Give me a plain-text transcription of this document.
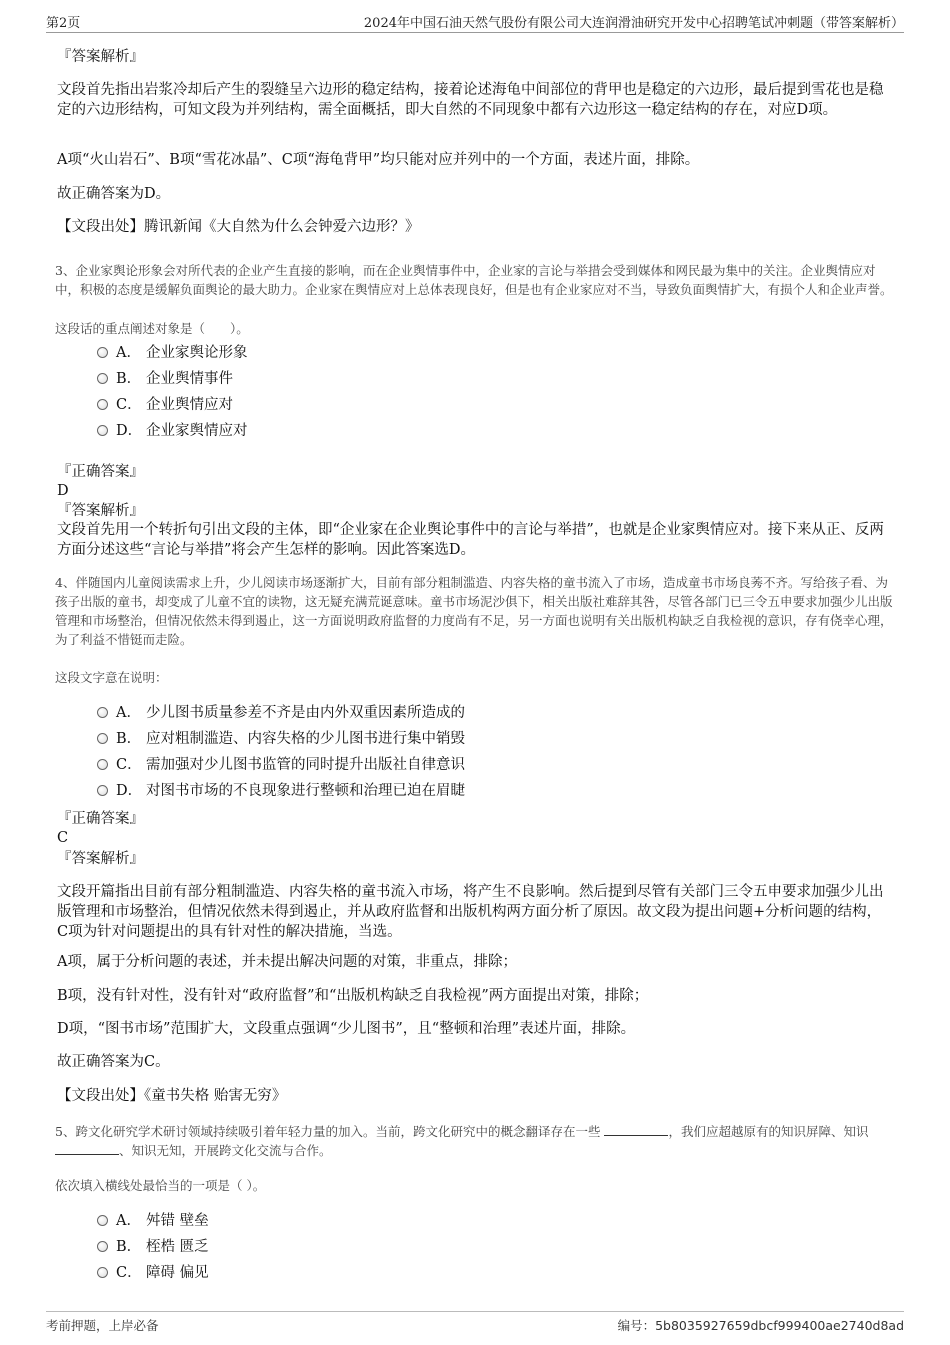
第2页	2024年中国石油天然气股份有限公司大连润滑油研究开发中心招聘笔试冲刺题（带答案解析）
『答案解析』
文段首先指出岩浆冷却后产生的裂缝呈六边形的稳定结构，接着论述海龟中间部位的背甲也是稳定的六边形，最后提到雪花也是稳定的六边形结构，可知文段为并列结构，需全面概括，即大自然的不同现象中都有六边形这一稳定结构的存在，对应D项。
A项“火山岩石”、B项“雪花冰晶”、C项“海龟背甲”均只能对应并列中的一个方面，表述片面，排除。
故正确答案为D。
【文段出处】腾讯新闻《大自然为什么会钟爱六边形？》
3、企业家舆论形象会对所代表的企业产生直接的影响，而在企业舆情事件中，企业家的言论与举措会受到媒体和网民最为集中的关注。企业舆情应对中，积极的态度是缓解负面舆论的最大助力。企业家在舆情应对上总体表现良好，但是也有企业家应对不当，导致负面舆情扩大，有损个人和企业声誉。
这段话的重点阐述对象是（　　）。
A． 企业家舆论形象
B． 企业舆情事件
C． 企业舆情应对
D． 企业家舆情应对
『正确答案』
D
『答案解析』
文段首先用一个转折句引出文段的主体，即“企业家在企业舆论事件中的言论与举措”，也就是企业家舆情应对。接下来从正、反两方面分述这些“言论与举措”将会产生怎样的影响。因此答案选D。
4、伴随国内儿童阅读需求上升，少儿阅读市场逐渐扩大，目前有部分粗制滥造、内容失格的童书流入了市场，造成童书市场良莠不齐。写给孩子看、为孩子出版的童书，却变成了儿童不宜的读物，这无疑充满荒诞意味。童书市场泥沙俱下，相关出版社难辞其咎，尽管各部门已三令五申要求加强少儿出版管理和市场整治，但情况依然未得到遏止，这一方面说明政府监督的力度尚有不足，另一方面也说明有关出版机构缺乏自我检视的意识，存有侥幸心理，为了利益不惜铤而走险。
这段文字意在说明：
A． 少儿图书质量参差不齐是由内外双重因素所造成的
B． 应对粗制滥造、内容失格的少儿图书进行集中销毁
C． 需加强对少儿图书监管的同时提升出版社自律意识
D． 对图书市场的不良现象进行整顿和治理已迫在眉睫
『正确答案』
C
『答案解析』
文段开篇指出目前有部分粗制滥造、内容失格的童书流入市场，将产生不良影响。然后提到尽管有关部门三令五申要求加强少儿出版管理和市场整治，但情况依然未得到遏止，并从政府监督和出版机构两方面分析了原因。故文段为提出问题+分析问题的结构，C项为针对问题提出的具有针对性的解决措施，当选。
A项，属于分析问题的表述，并未提出解决问题的对策，非重点，排除；
B项，没有针对性，没有针对“政府监督”和“出版机构缺乏自我检视”两方面提出对策，排除；
D项，“图书市场”范围扩大，文段重点强调“少儿图书”，且“整顿和治理”表述片面，排除。
故正确答案为C。
【文段出处】《童书失格 贻害无穷》
5、跨文化研究学术研讨领域持续吸引着年轻力量的加入。当前，跨文化研究中的概念翻译存在一些	，我们应超越原有的知识屏障、知识 、知识无知，开展跨文化交流与合作。
依次填入横线处最恰当的一项是（ ）。
A． 舛错 壁垒
B． 桎梏 匮乏
C． 障碍 偏见
考前押题，上岸必备	编号：5b8035927659dbcf999400ae2740d8ad
